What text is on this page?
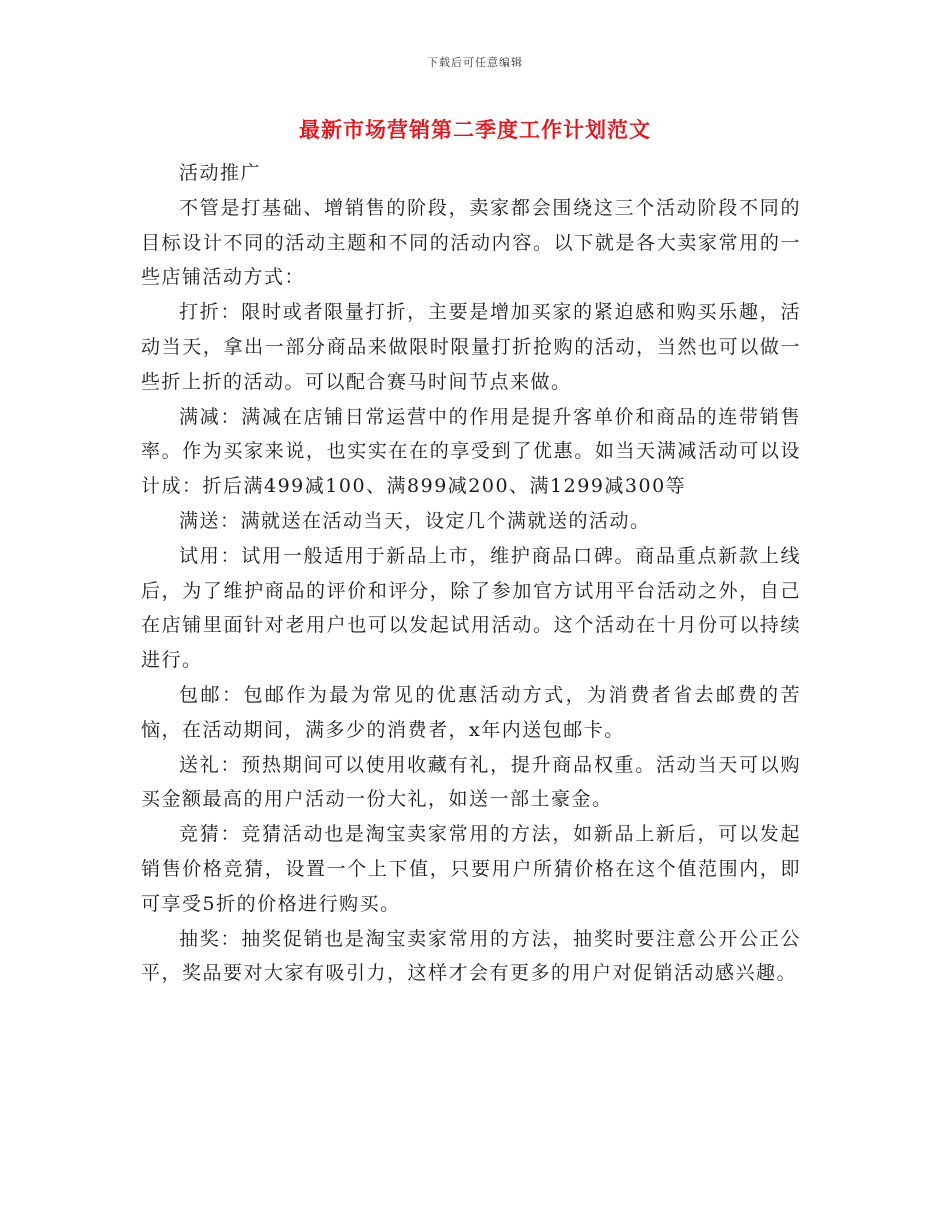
下载后可任意编辑
最新市场营销第二季度工作计划范文

活动推广

不管是打基础、增销售的阶段，卖家都会围绕这三个活动阶段不同的目标设计不同的活动主题和不同的活动内容。以下就是各大卖家常用的一些店铺活动方式：

打折：限时或者限量打折，主要是增加买家的紧迫感和购买乐趣，活动当天，拿出一部分商品来做限时限量打折抢购的活动，当然也可以做一些折上折的活动。可以配合赛马时间节点来做。

满减：满减在店铺日常运营中的作用是提升客单价和商品的连带销售率。作为买家来说，也实实在在的享受到了优惠。如当天满减活动可以设计成：折后满499减100、满899减200、满1299减300等

满送：满就送在活动当天，设定几个满就送的活动。

试用：试用一般适用于新品上市，维护商品口碑。商品重点新款上线后，为了维护商品的评价和评分，除了参加官方试用平台活动之外，自己在店铺里面针对老用户也可以发起试用活动。这个活动在十月份可以持续进行。

包邮：包邮作为最为常见的优惠活动方式，为消费者省去邮费的苦恼，在活动期间，满多少的消费者，x年内送包邮卡。

送礼：预热期间可以使用收藏有礼，提升商品权重。活动当天可以购买金额最高的用户活动一份大礼，如送一部土豪金。

竞猜：竞猜活动也是淘宝卖家常用的方法，如新品上新后，可以发起销售价格竞猜，设置一个上下值，只要用户所猜价格在这个值范围内，即可享受5折的价格进行购买。

抽奖：抽奖促销也是淘宝卖家常用的方法，抽奖时要注意公开公正公平，奖品要对大家有吸引力，这样才会有更多的用户对促销活动感兴趣。
